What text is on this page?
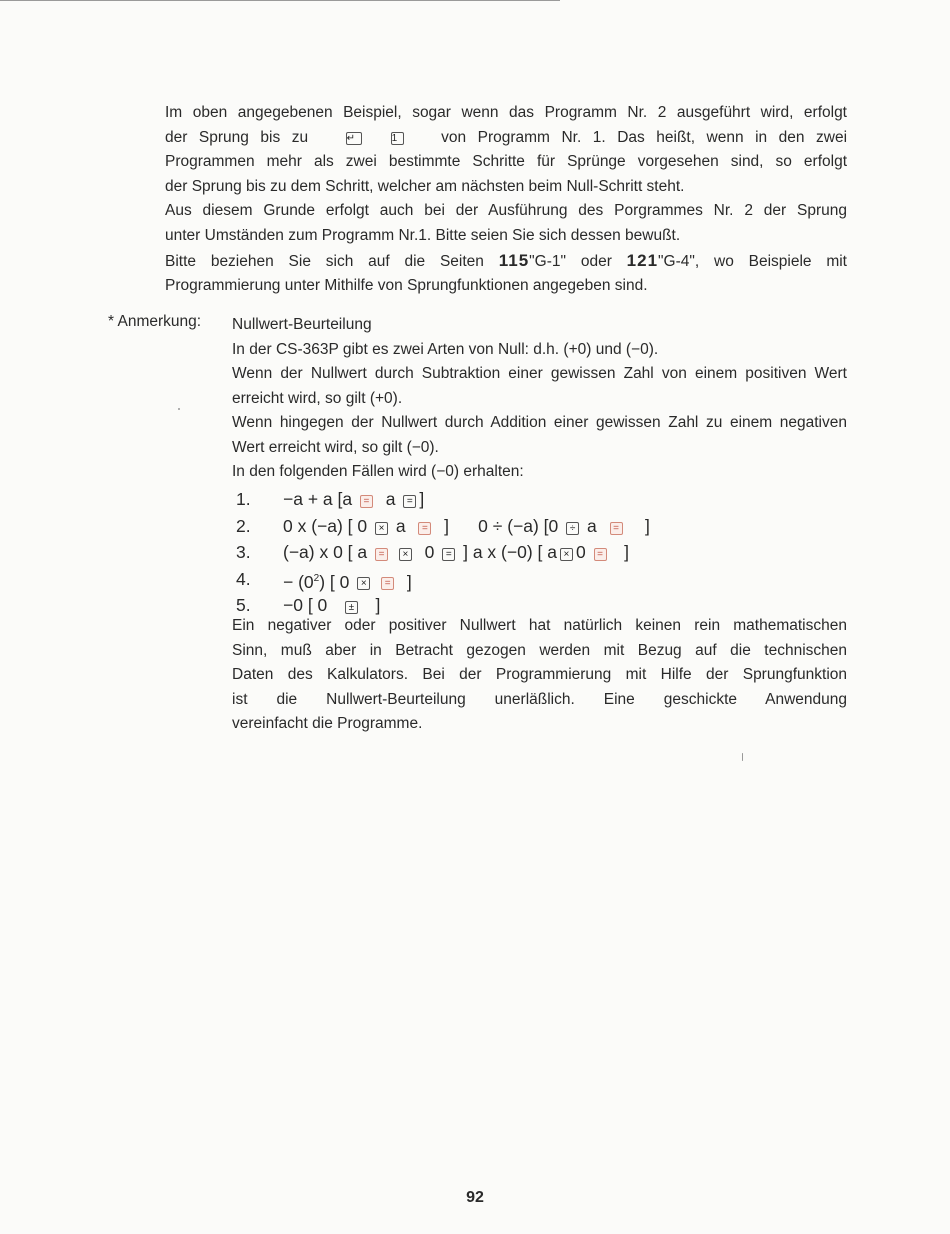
Im oben angegebenen Beispiel, sogar wenn das Programm Nr. 2 ausgeführt wird, erfolgt

der Sprung bis zu	↵	1	von Programm Nr. 1. Das heißt, wenn in den zwei

Programmen mehr als zwei bestimmte Schritte für Sprünge vorgesehen sind, so erfolgt

der Sprung bis zu dem Schritt, welcher am nächsten beim Null-Schritt steht.

Aus diesem Grunde erfolgt auch bei der Ausführung des Porgrammes Nr. 2 der Sprung

unter Umständen zum Programm Nr.1. Bitte seien Sie sich dessen bewußt.

Bitte beziehen Sie sich auf die Seiten 115"G-1" oder 121"G-4", wo Beispiele mit

Programmierung unter Mithilfe von Sprungfunktionen angegeben sind.

* Anmerkung: Nullwert-Beurteilung

In der CS-363P gibt es zwei Arten von Null: d.h. (+0) und (−0).

Wenn der Nullwert durch Subtraktion einer gewissen Zahl von einem positiven Wert erreicht wird, so gilt (+0).

Wenn hingegen der Nullwert durch Addition einer gewissen Zahl zu einem negativen Wert erreicht wird, so gilt (−0).

In den folgenden Fällen wird (−0) erhalten:

1.	−a + a [a = a = ]
2.	0 x (−a) [ 0 × a = ] 0 ÷ (−a) [0 ÷ a = ]
3.	(−a) x 0 [ a = × 0 = ] a x (−0) [ a × 0 = ]
4.	− $(0^2)$ [ 0 × = ]
5.	−0 [ 0 ± ]

Ein negativer oder positiver Nullwert hat natürlich keinen rein mathematischen

Sinn, muß aber in Betracht gezogen werden mit Bezug auf die technischen

Daten des Kalkulators. Bei der Programmierung mit Hilfe der Sprungfunktion

ist die Nullwert-Beurteilung unerläßlich. Eine geschickte Anwendung

vereinfacht die Programme.

92
